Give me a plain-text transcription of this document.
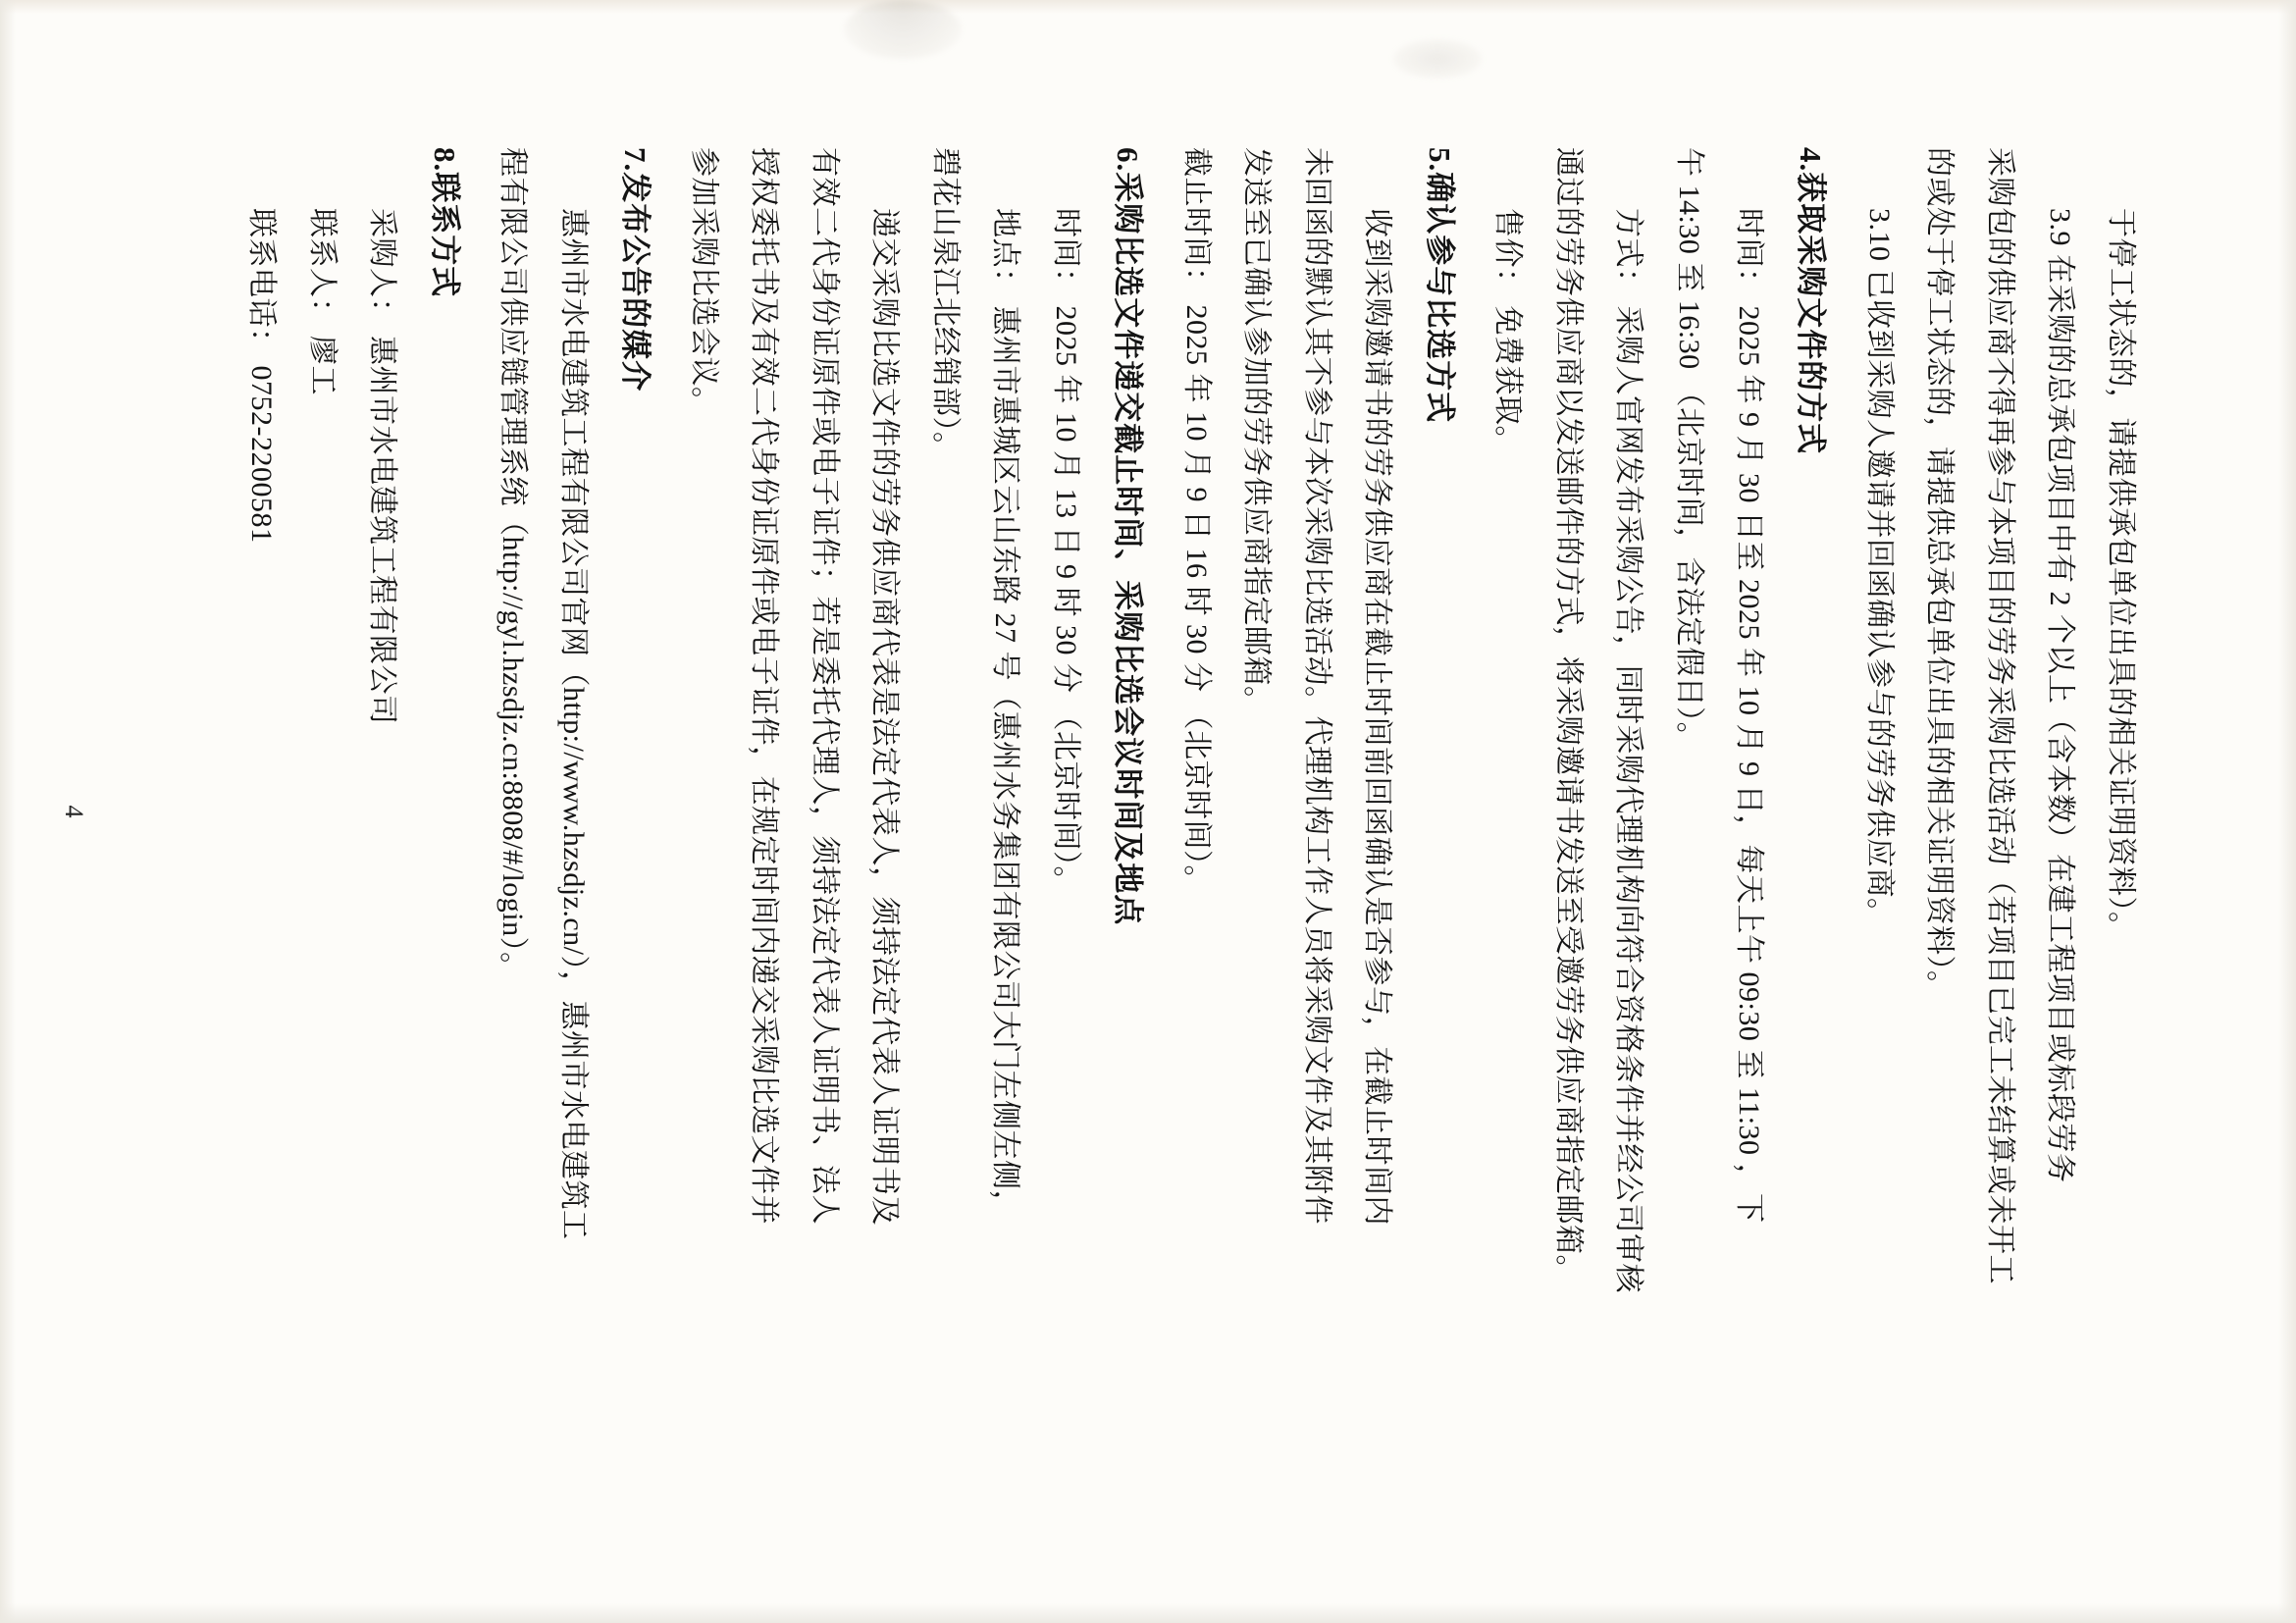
于停工状态的，请提供承包单位出具的相关证明资料）。

3.9 在采购的总承包项目中有 2 个以上（含本数）在建工程项目或标段劳务

采购包的供应商不得再参与本项目的劳务采购比选活动（若项目已完工未结算或未开工

的或处于停工状态的，请提供总承包单位出具的相关证明资料）。

3.10 已收到采购人邀请并回函确认参与的劳务供应商。

4.获取采购文件的方式

时间： 2025 年 9 月 30 日至 2025 年 10 月 9 日，每天上午 09:30 至 11:30 ，下

午 14:30 至 16:30 （北京时间，含法定假日）。

方式： 采购人官网发布采购公告，同时采购代理机构向符合资格条件并经公司审核

通过的劳务供应商以发送邮件的方式，将采购邀请书发送至受邀劳务供应商指定邮箱。

售价： 免费获取。

5.确认参与比选方式

收到采购邀请书的劳务供应商在截止时间前回函确认是否参与，在截止时间内

未回函的默认其不参与本次采购比选活动。代理机构工作人员将采购文件及其附件

发送至已确认参加的劳务供应商指定邮箱。

截止时间： 2025 年 10 月 9 日 16 时 30 分 （北京时间）。

6.采购比选文件递交截止时间、采购比选会议时间及地点

时间： 2025 年 10 月 13 日 9 时 30 分 （北京时间）。

地点： 惠州市惠城区云山东路 27 号（惠州水务集团有限公司大门左侧左侧，

碧花山泉江北经销部）。

递交采购比选文件的劳务供应商代表是法定代表人，须持法定代表人证明书及

有效二代身份证原件或电子证件；若是委托代理人，须持法定代表人证明书、法人

授权委托书及有效二代身份证原件或电子证件，在规定时间内递交采购比选文件并

参加采购比选会议。

7.发布公告的媒介

惠州市水电建筑工程有限公司官网（http://www.hzsdjz.cn/），惠州市水电建筑工

程有限公司供应链管理系统（http://gyl.hzsdjz.cn:8808/#/login）。

8.联系方式

采购人： 惠州市水电建筑工程有限公司

联系人： 廖工

联系电话： 0752-2200581

4
